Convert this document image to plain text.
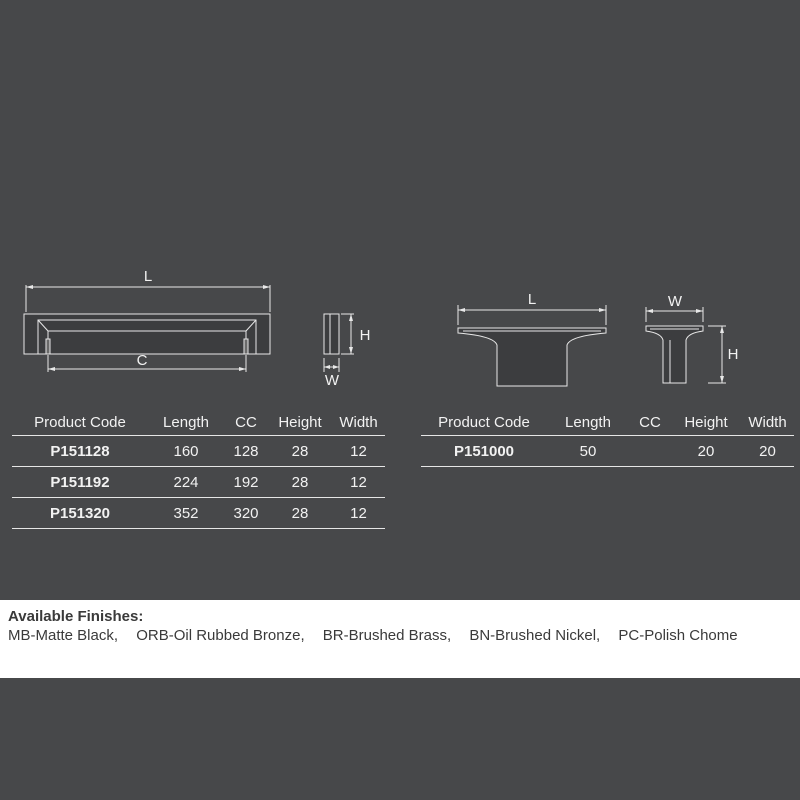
L
C
H
W
L	W
H
Product Code	Length	CC	Height	Width
P151128	160	128	28	12
P151192	224	192	28	12
P151320	352	320	28	12
Product Code	Length	CC	Height	Width
P151000	50		20	20
Available Finishes:
MB-Matte Black, ORB-Oil Rubbed Bronze, BR-Brushed Brass, BN-Brushed Nickel, PC-Polish Chome
